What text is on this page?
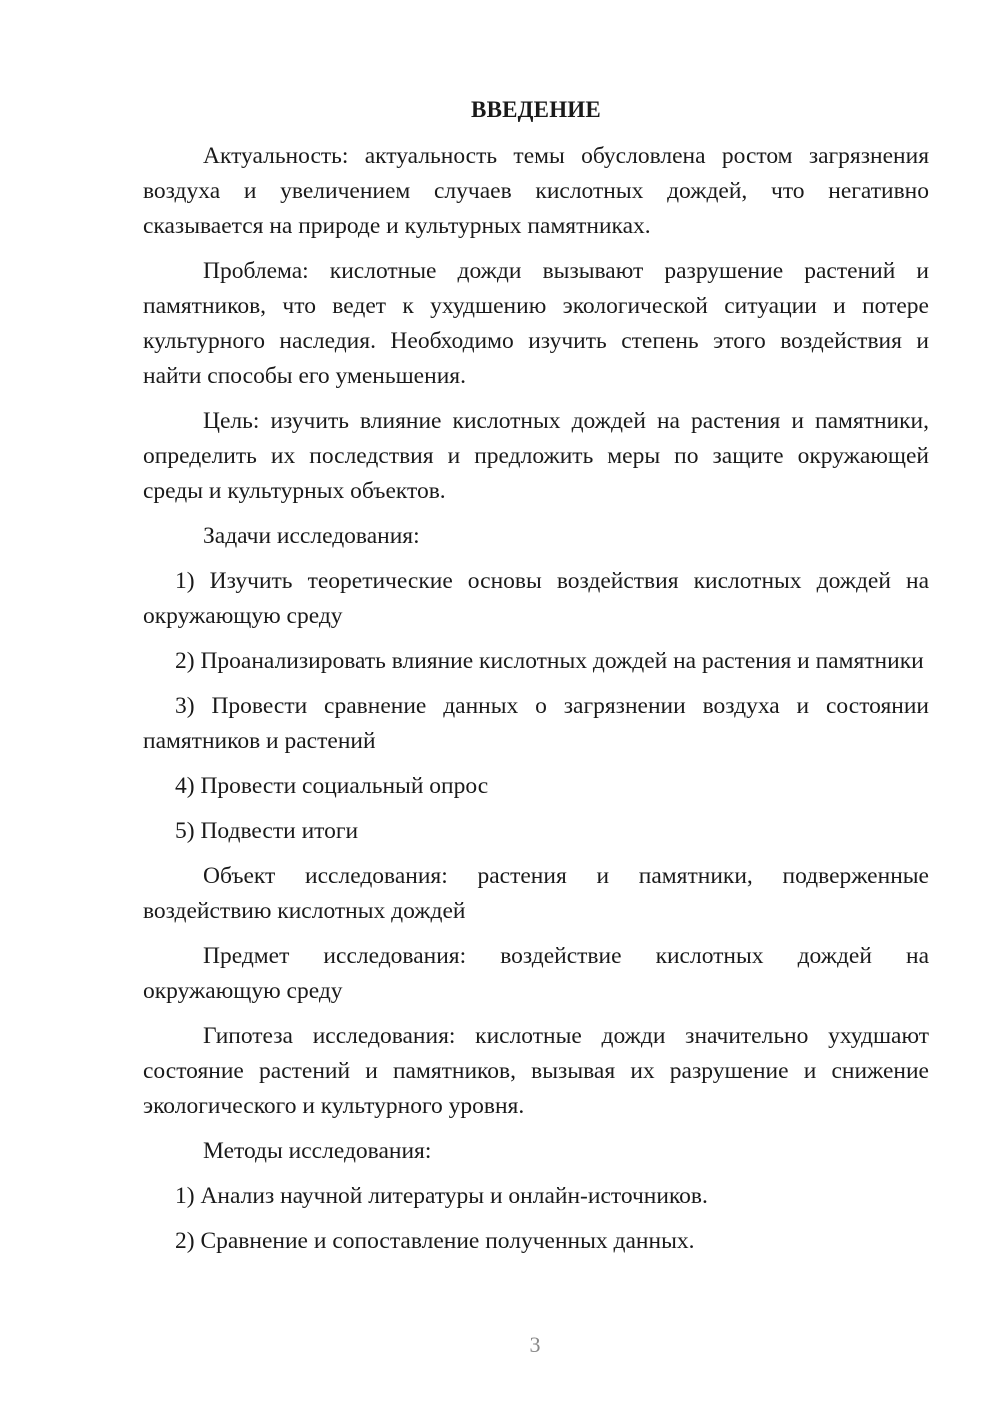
ВВЕДЕНИЕ

Актуальность: актуальность темы обусловлена ростом загрязнения воздуха и увеличением случаев кислотных дождей, что негативно сказывается на природе и культурных памятниках.

Проблема: кислотные дожди вызывают разрушение растений и памятников, что ведет к ухудшению экологической ситуации и потере культурного наследия. Необходимо изучить степень этого воздействия и найти способы его уменьшения.

Цель: изучить влияние кислотных дождей на растения и памятники, определить их последствия и предложить меры по защите окружающей среды и культурных объектов.

Задачи исследования:

1) Изучить теоретические основы воздействия кислотных дождей на окружающую среду

2) Проанализировать влияние кислотных дождей на растения и памятники

3) Провести сравнение данных о загрязнении воздуха и состоянии памятников и растений

4) Провести социальный опрос

5) Подвести итоги

Объект исследования: растения и памятники, подверженные воздействию кислотных дождей

Предмет исследования: воздействие кислотных дождей на окружающую среду

Гипотеза исследования: кислотные дожди значительно ухудшают состояние растений и памятников, вызывая их разрушение и снижение экологического и культурного уровня.

Методы исследования:

1) Анализ научной литературы и онлайн-источников.

2) Сравнение и сопоставление полученных данных.

3
